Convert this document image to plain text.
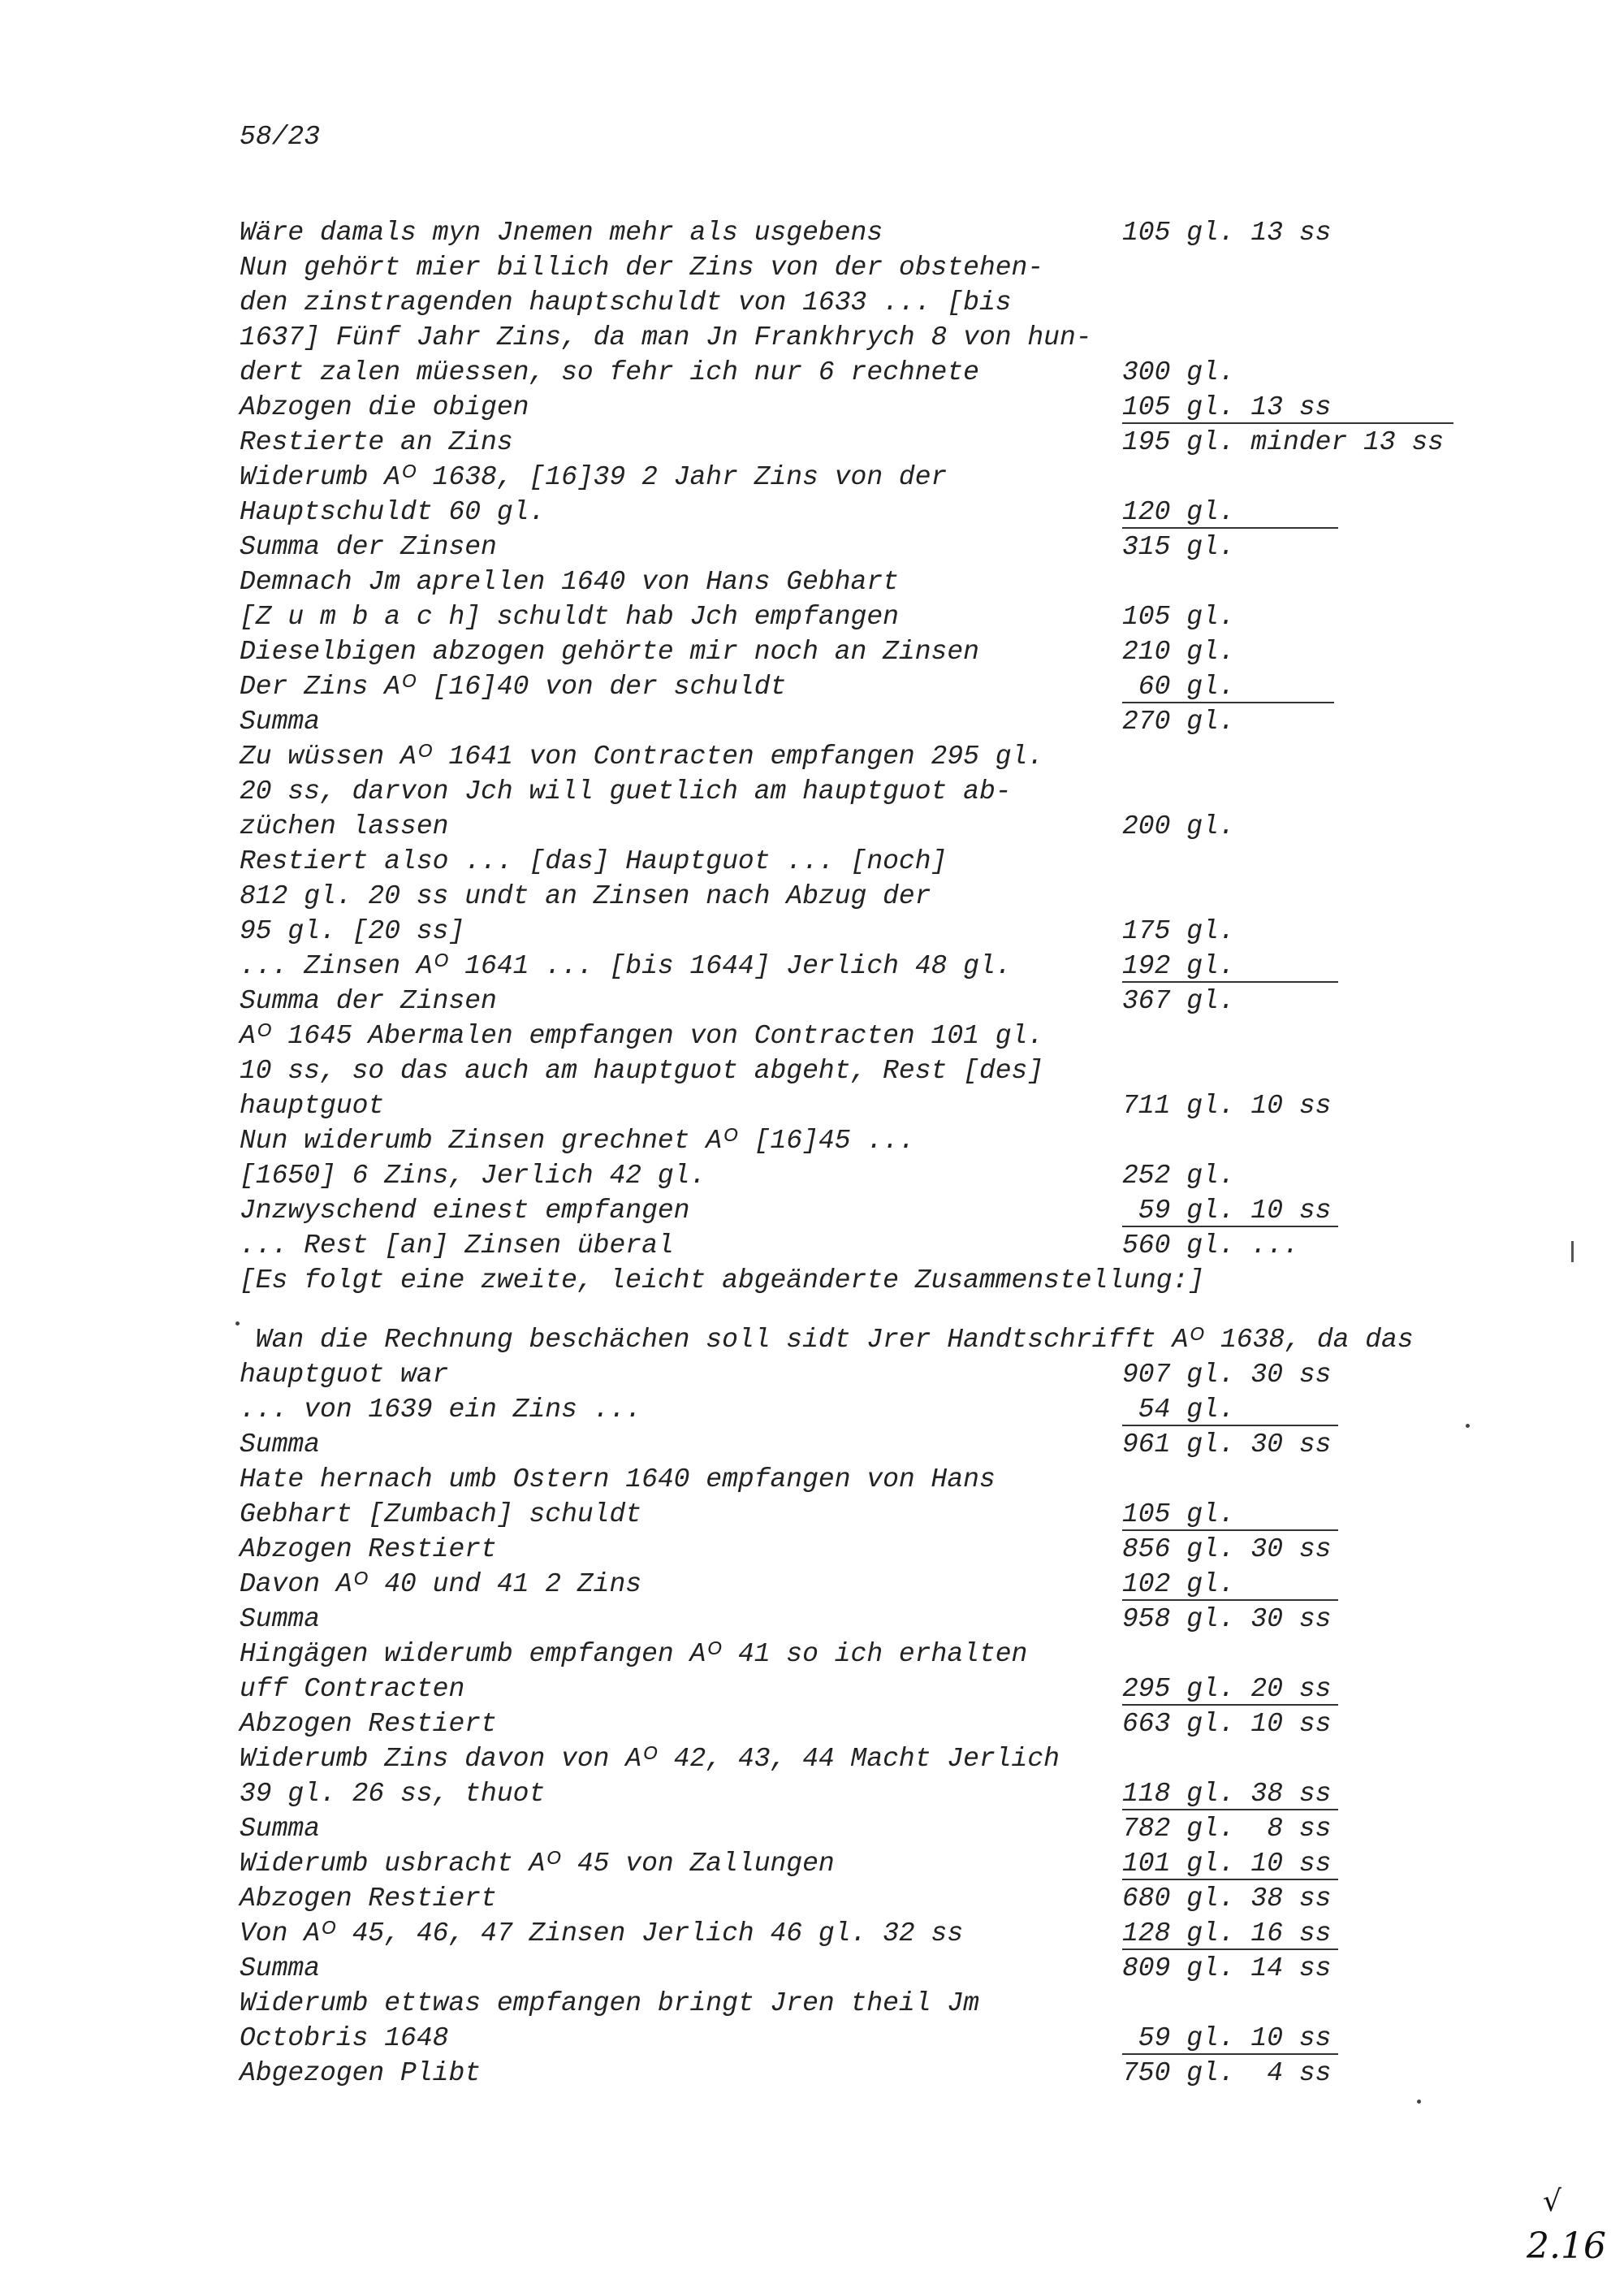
58/23
Wäre damals myn Jnemen mehr als usgebens	105 gl. 13 ss
Nun gehört mier billich der Zins von der obstehen-
den zinstragenden hauptschuldt von 1633 ... [bis
1637] Fünf Jahr Zins, da man Jn Frankhrych 8 von hun-
dert zalen müessen, so fehr ich nur 6 rechnete	300 gl.
Abzogen die obigen	105 gl. 13 ss
Restierte an Zins	195 gl. minder 13 ss
Widerumb Aᴼ 1638, [16]39 2 Jahr Zins von der
Hauptschuldt 60 gl.	120 gl.
Summa der Zinsen	315 gl.
Demnach Jm aprellen 1640 von Hans Gebhart
[Z u m b a c h] schuldt hab Jch empfangen	105 gl.
Dieselbigen abzogen gehörte mir noch an Zinsen	210 gl.
Der Zins Aᴼ [16]40 von der schuldt	60 gl.
Summa	270 gl.
Zu wüssen Aᴼ 1641 von Contracten empfangen 295 gl.
20 ss, darvon Jch will guetlich am hauptguot ab-
züchen lassen	200 gl.
Restiert also ... [das] Hauptguot ... [noch]
812 gl. 20 ss undt an Zinsen nach Abzug der
95 gl. [20 ss]	175 gl.
... Zinsen Aᴼ 1641 ... [bis 1644] Jerlich 48 gl.	192 gl.
Summa der Zinsen	367 gl.
Aᴼ 1645 Abermalen empfangen von Contracten 101 gl.
10 ss, so das auch am hauptguot abgeht, Rest [des]
hauptguot	711 gl. 10 ss
Nun widerumb Zinsen grechnet Aᴼ [16]45 ...
[1650] 6 Zins, Jerlich 42 gl.	252 gl.
Jnzwyschend einest empfangen	59 gl. 10 ss
... Rest [an] Zinsen überal	560 gl. ...
[Es folgt eine zweite, leicht abgeänderte Zusammenstellung:]
Wan die Rechnung beschächen soll sidt Jrer Handtschrifft Aᴼ 1638, da das
hauptguot war	907 gl. 30 ss
... von 1639 ein Zins ...	54 gl.
Summa	961 gl. 30 ss
Hate hernach umb Ostern 1640 empfangen von Hans
Gebhart [Zumbach] schuldt	105 gl.
Abzogen Restiert	856 gl. 30 ss
Davon Aᴼ 40 und 41 2 Zins	102 gl.
Summa	958 gl. 30 ss
Hingägen widerumb empfangen Aᴼ 41 so ich erhalten
uff Contracten	295 gl. 20 ss
Abzogen Restiert	663 gl. 10 ss
Widerumb Zins davon von Aᴼ 42, 43, 44 Macht Jerlich
39 gl. 26 ss, thuot	118 gl. 38 ss
Summa	782 gl.  8 ss
Widerumb usbracht Aᴼ 45 von Zallungen	101 gl. 10 ss
Abzogen Restiert	680 gl. 38 ss
Von Aᴼ 45, 46, 47 Zinsen Jerlich 46 gl. 32 ss	128 gl. 16 ss
Summa	809 gl. 14 ss
Widerumb ettwas empfangen bringt Jren theil Jm
Octobris 1648	59 gl. 10 ss
Abgezogen Plibt	750 gl.  4 ss
√
2.16
